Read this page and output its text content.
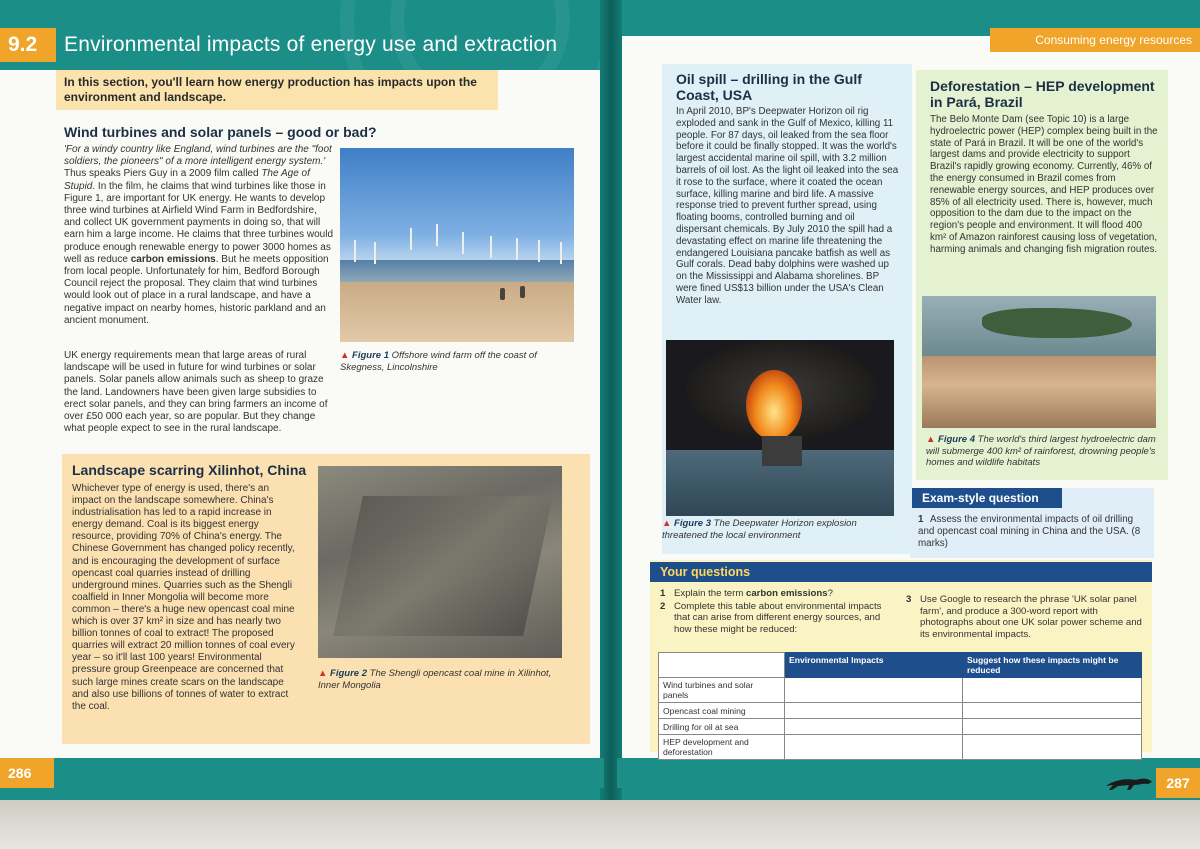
9.2	Environmental impacts of energy use and extraction
In this section, you'll learn how energy production has impacts upon the environment and landscape.
Wind turbines and solar panels – good or bad?
'For a windy country like England, wind turbines are the "foot soldiers, the pioneers" of a more intelligent energy system.' Thus speaks Piers Guy in a 2009 film called The Age of Stupid. In the film, he claims that wind turbines like those in Figure 1, are important for UK energy. He wants to develop three wind turbines at Airfield Wind Farm in Bedfordshire, and collect UK government payments in doing so, that will earn him a large income. He claims that three turbines would produce enough renewable energy to power 3000 homes as well as reduce carbon emissions. But he meets opposition from local people. Unfortunately for him, Bedford Borough Council reject the proposal. They claim that wind turbines would look out of place in a rural landscape, and have a negative impact on nearby homes, historic parkland and an ancient monument.
UK energy requirements mean that large areas of rural landscape will be used in future for wind turbines or solar panels. Solar panels allow animals such as sheep to graze the land. Landowners have been given large subsidies to erect solar panels, and they can bring farmers an income of over £50 000 each year, so are popular. But they change what people expect to see in the rural landscape.
▲ Figure 1 Offshore wind farm off the coast of Skegness, Lincolnshire
Landscape scarring Xilinhot, China
Whichever type of energy is used, there's an impact on the landscape somewhere. China's industrialisation has led to a rapid increase in energy demand. Coal is its biggest energy resource, providing 70% of China's energy. The Chinese Government has changed policy recently, and is encouraging the development of surface opencast coal quarries instead of drilling underground mines. Quarries such as the Shengli coalfield in Inner Mongolia will become more common – there's a huge new opencast coal mine which is over 37 km² in size and has nearly two billion tonnes of coal to extract! The proposed quarries will extract 20 million tonnes of coal every year – so it'll last 100 years! Environmental pressure group Greenpeace are concerned that such large mines create scars on the landscape and also use billions of tonnes of water to extract the coal.
▲ Figure 2 The Shengli opencast coal mine in Xilinhot, Inner Mongolia
286
Consuming energy resources
Oil spill – drilling in the Gulf Coast, USA
In April 2010, BP's Deepwater Horizon oil rig exploded and sank in the Gulf of Mexico, killing 11 people. For 87 days, oil leaked from the sea floor before it could be finally stopped. It was the world's largest accidental marine oil spill, with 3.2 million barrels of oil lost. As the light oil leaked into the sea it rose to the surface, where it coated the ocean surface, killing marine and bird life. A massive response tried to prevent further spread, using floating booms, controlled burning and oil dispersant chemicals. By July 2010 the spill had a devastating effect on marine life threatening the endangered Louisiana pancake batfish as well as Gulf corals. Dead baby dolphins were washed up on the Mississippi and Alabama shorelines. BP were fined US$13 billion under the USA's Clean Water law.
▲ Figure 3 The Deepwater Horizon explosion threatened the local environment
Deforestation – HEP development in Pará, Brazil
The Belo Monte Dam (see Topic 10) is a large hydroelectric power (HEP) complex being built in the state of Pará in Brazil. It will be one of the world's largest dams and provide electricity to support Brazil's rapidly growing economy. Currently, 46% of the energy consumed in Brazil comes from renewable energy sources, and HEP produces over 85% of all electricity used. There is, however, much opposition to the dam due to the impact on the region's people and environment. It will flood 400 km² of Amazon rainforest causing loss of vegetation, harming animals and changing fish migration routes.
▲ Figure 4 The world's third largest hydroelectric dam will submerge 400 km² of rainforest, drowning people's homes and wildlife habitats
Exam-style question
1 Assess the environmental impacts of oil drilling and opencast coal mining in China and the USA. (8 marks)
Your questions
1 Explain the term carbon emissions?
2 Complete this table about environmental impacts that can arise from different energy sources, and how these might be reduced:
3 Use Google to research the phrase 'UK solar panel farm', and produce a 300-word report with photographs about one UK solar power scheme and its environmental impacts.
	Environmental Impacts	Suggest how these impacts might be reduced
Wind turbines and solar panels		
Opencast coal mining		
Drilling for oil at sea		
HEP development and deforestation		
287
